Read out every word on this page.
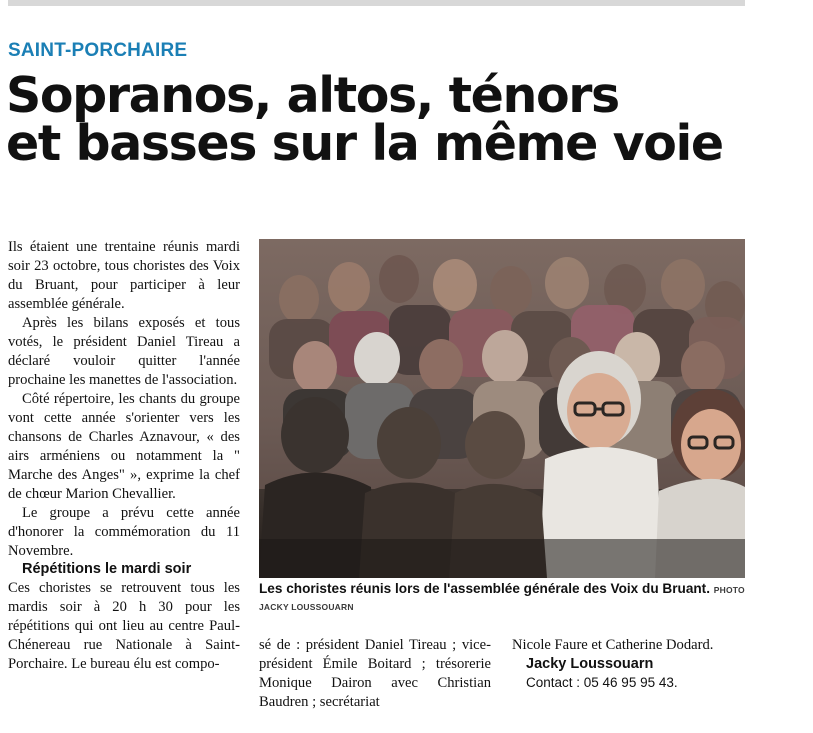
SAINT-PORCHAIRE
Sopranos, altos, ténors
et basses sur la même voie

Ils étaient une trentaine réunis mardi soir 23 octobre, tous choristes des Voix du Bruant, pour participer à leur assemblée générale.

Après les bilans exposés et tous votés, le président Daniel Tireau a déclaré vouloir quitter l'année prochaine les manettes de l'association.

Côté répertoire, les chants du groupe vont cette année s'orienter vers les chansons de Charles Aznavour, « des airs arméniens ou notamment la " Marche des Anges" », exprime la chef de chœur Marion Chevallier.

Le groupe a prévu cette année d'honorer la commémoration du 11 Novembre.

Répétitions le mardi soir

Ces choristes se retrouvent tous les mardis soir à 20 h 30 pour les répétitions qui ont lieu au centre Paul-Chénereau rue Nationale à Saint-Porchaire. Le bureau élu est compo-

Les choristes réunis lors de l'assemblée générale des Voix du Bruant. PHOTO JACKY LOUSSOUARN

sé de : président Daniel Tireau ; vice-président Émile Boitard ; trésorerie Monique Dairon avec Christian Baudren ; secrétariat

Nicole Faure et Catherine Dodard.

Jacky Loussouarn

Contact : 05 46 95 95 43.
